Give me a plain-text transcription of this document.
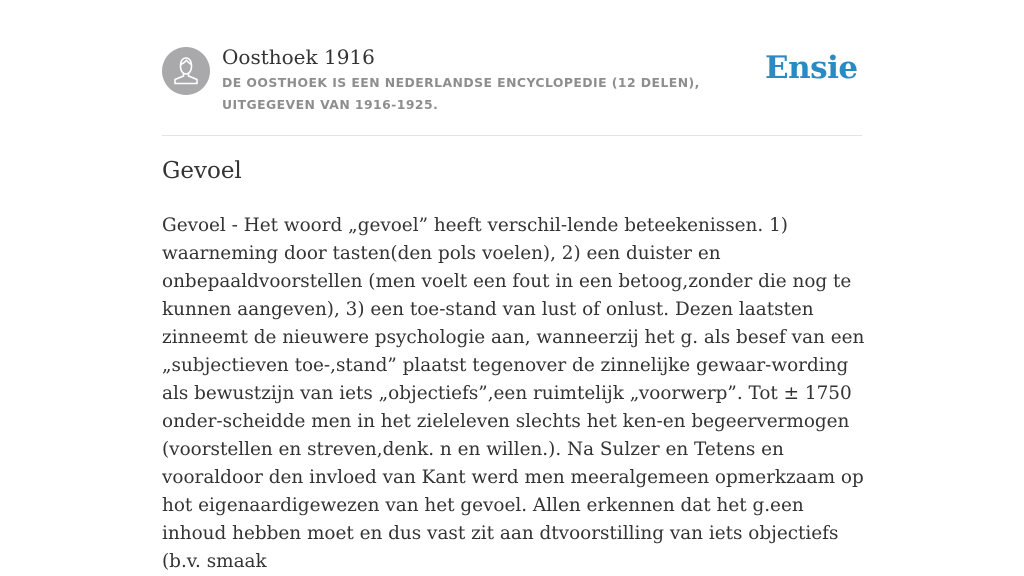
Oosthoek 1916
DE OOSTHOEK IS EEN NEDERLANDSE ENCYCLOPEDIE (12 DELEN), UITGEGEVEN VAN 1916-1925.
Ensie
Gevoel

Gevoel - Het woord „gevoel” heeft verschil-lende beteekenissen. 1) waarneming door tasten(den pols voelen), 2) een duister en onbepaaldvoorstellen (men voelt een fout in een betoog,zonder die nog te kunnen aangeven), 3) een toe-stand van lust of onlust. Dezen laatsten zinneemt de nieuwere psychologie aan, wanneerzij het g. als besef van een „subjectieven toe-,stand” plaatst tegenover de zinnelijke gewaar-wording als bewustzijn van iets „objectiefs”,een ruimtelijk „voorwerp”. Tot ± 1750 onder-scheidde men in het zieleleven slechts het ken-en begeervermogen (voorstellen en streven,denk. n en willen.). Na Sulzer en Tetens en vooraldoor den invloed van Kant werd men meeralgemeen opmerkzaam op hot eigenaardigewezen van het gevoel. Allen erkennen dat het g.een inhoud hebben moet en dus vast zit aan dtvoorstilling van iets objectiefs (b.v. smaak
